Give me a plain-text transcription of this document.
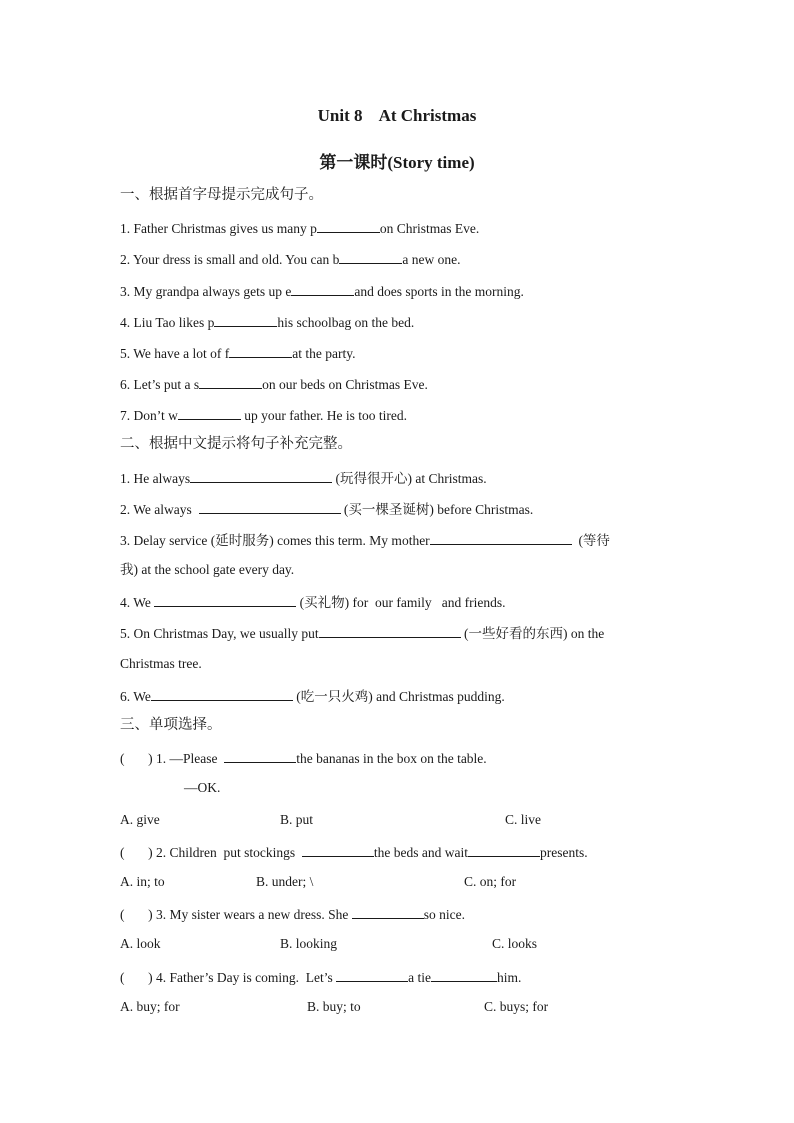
Unit 8    At Christmas
第一课时(Story time)
一、根据首字母提示完成句子。
1. Father Christmas gives us many p	on Christmas Eve.
2. Your dress is small and old. You can b	a new one.
3. My grandpa always gets up e	and does sports in the morning.
4. Liu Tao likes p	his schoolbag on the bed.
5. We have a lot of f	at the party.
6. Let’s put a s	on our beds on Christmas Eve.
7. Don’t w	up your father. He is too tired.
二、根据中文提示将句子补充完整。
1. He always	(玩得很开心) at Christmas.
2. We always	(买一棵圣诞树) before Christmas.
3. Delay service (延时服务) comes this term. My mother	(等待
我) at the school gate every day.
4. We	(买礼物) for  our family   and friends.
5. On Christmas Day, we usually put	(一些好看的东西) on the
Christmas tree.
6. We	(吃一只火鸡) and Christmas pudding.
三、单项选择。
(       ) 1. —Please	the bananas in the box on the table.
—OK.
A. give	B. put	C. live
(       ) 2. Children  put stockings	the beds and wait	presents.
A. in; to	B. under; \	C. on; for
(       ) 3. My sister wears a new dress. She	so nice.
A. look	B. looking	C. looks
(       ) 4. Father’s Day is coming.  Let’s	a tie	him.
A. buy; for	B. buy; to	C. buys; for
